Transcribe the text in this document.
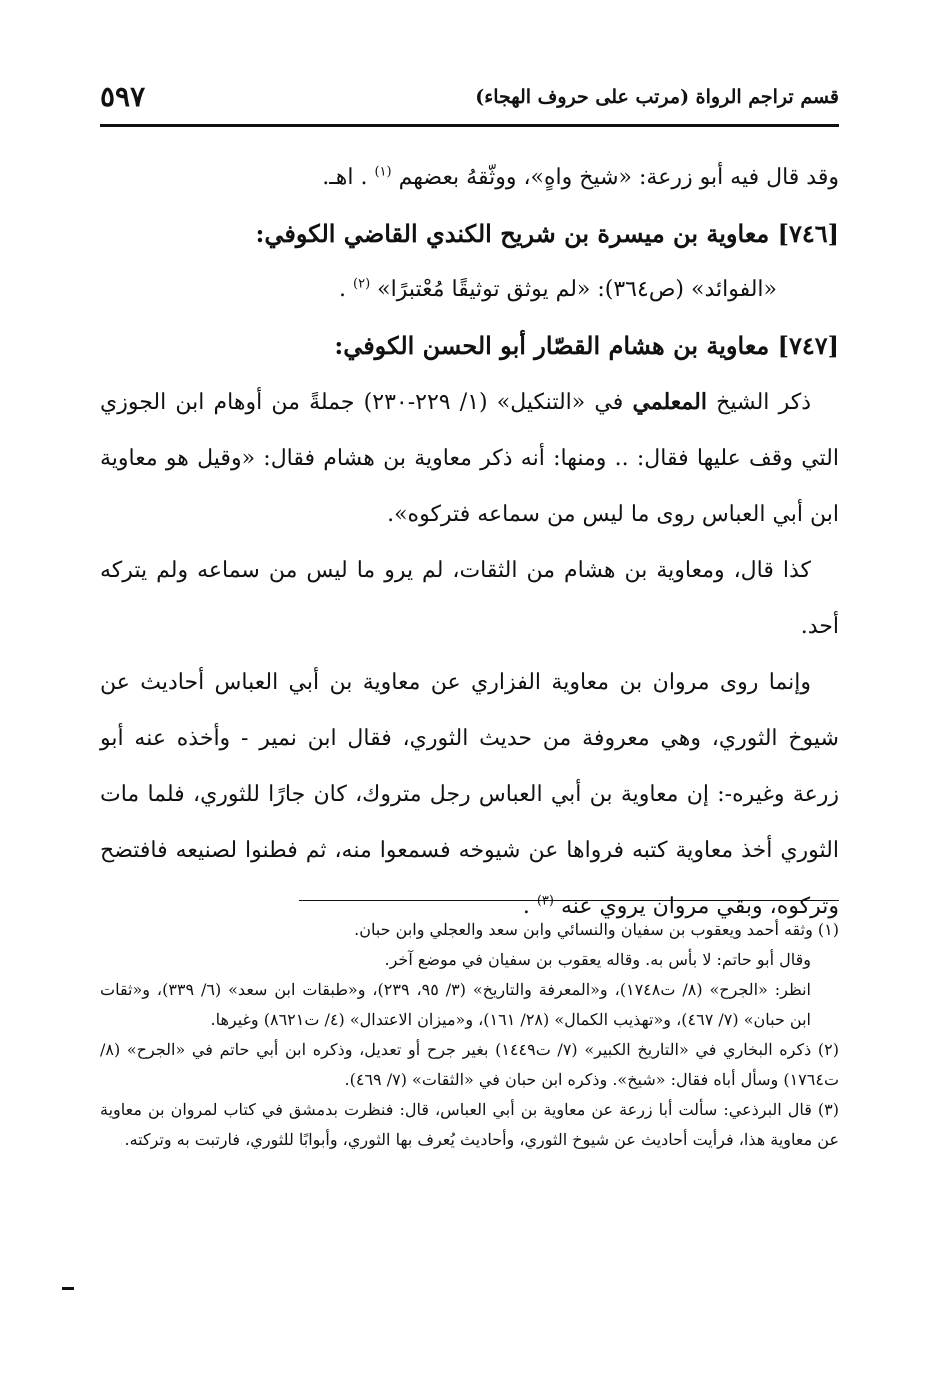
٥٩٧	قسم تراجم الرواة (مرتب على حروف الهجاء)

وقد قال فيه أبو زرعة: «شيخ واهٍ»، ووثّقهُ بعضهم $^{(١)}$ . اهـ.

[٧٤٦] معاوية بن ميسرة بن شريح الكندي القاضي الكوفي:

«الفوائد» (ص٣٦٤): «لم يوثق توثيقًا مُعْتبرًا» $^{(٢)}$ .

[٧٤٧] معاوية بن هشام القصّار أبو الحسن الكوفي:

ذكر الشيخ المعلمي في «التنكيل» (١/ ٢٢٩-٢٣٠) جملةً من أوهام ابن الجوزي التي وقف عليها فقال: .. ومنها: أنه ذكر معاوية بن هشام فقال: «وقيل هو معاوية ابن أبي العباس روى ما ليس من سماعه فتركوه».

كذا قال، ومعاوية بن هشام من الثقات، لم يرو ما ليس من سماعه ولم يتركه أحد.

وإنما روى مروان بن معاوية الفزاري عن معاوية بن أبي العباس أحاديث عن شيوخ الثوري، وهي معروفة من حديث الثوري، فقال ابن نمير - وأخذه عنه أبو زرعة وغيره-: إن معاوية بن أبي العباس رجل متروك، كان جارًا للثوري، فلما مات الثوري أخذ معاوية كتبه فرواها عن شيوخه فسمعوا منه، ثم فطنوا لصنيعه فافتضح وتركوه، وبقي مروان يروي عنه $^{(٣)}$ .

(١) وثقه أحمد ويعقوب بن سفيان والنسائي وابن سعد والعجلي وابن حبان.

وقال أبو حاتم: لا بأس به. وقاله يعقوب بن سفيان في موضع آخر.

انظر: «الجرح» (٨/ ت١٧٤٨)، و«المعرفة والتاريخ» (٣/ ٩٥، ٢٣٩)، و«طبقات ابن سعد» (٦/ ٣٣٩)، و«ثقات ابن حبان» (٧/ ٤٦٧)، و«تهذيب الكمال» (٢٨/ ١٦١)، و«ميزان الاعتدال» (٤/ ت٨٦٢١) وغيرها.

(٢) ذكره البخاري في «التاريخ الكبير» (٧/ ت١٤٤٩) بغير جرح أو تعديل، وذكره ابن أبي حاتم في «الجرح» (٨/ ت١٧٦٤) وسأل أباه فقال: «شيخ». وذكره ابن حبان في «الثقات» (٧/ ٤٦٩).

(٣) قال البرذعي: سألت أبا زرعة عن معاوية بن أبي العباس، قال: فنظرت بدمشق في كتاب لمروان بن معاوية عن معاوية هذا، فرأيت أحاديث عن شيوخ الثوري، وأحاديث يُعرف بها الثوري، وأبوابًا للثوري، فارتبت به وتركته.
